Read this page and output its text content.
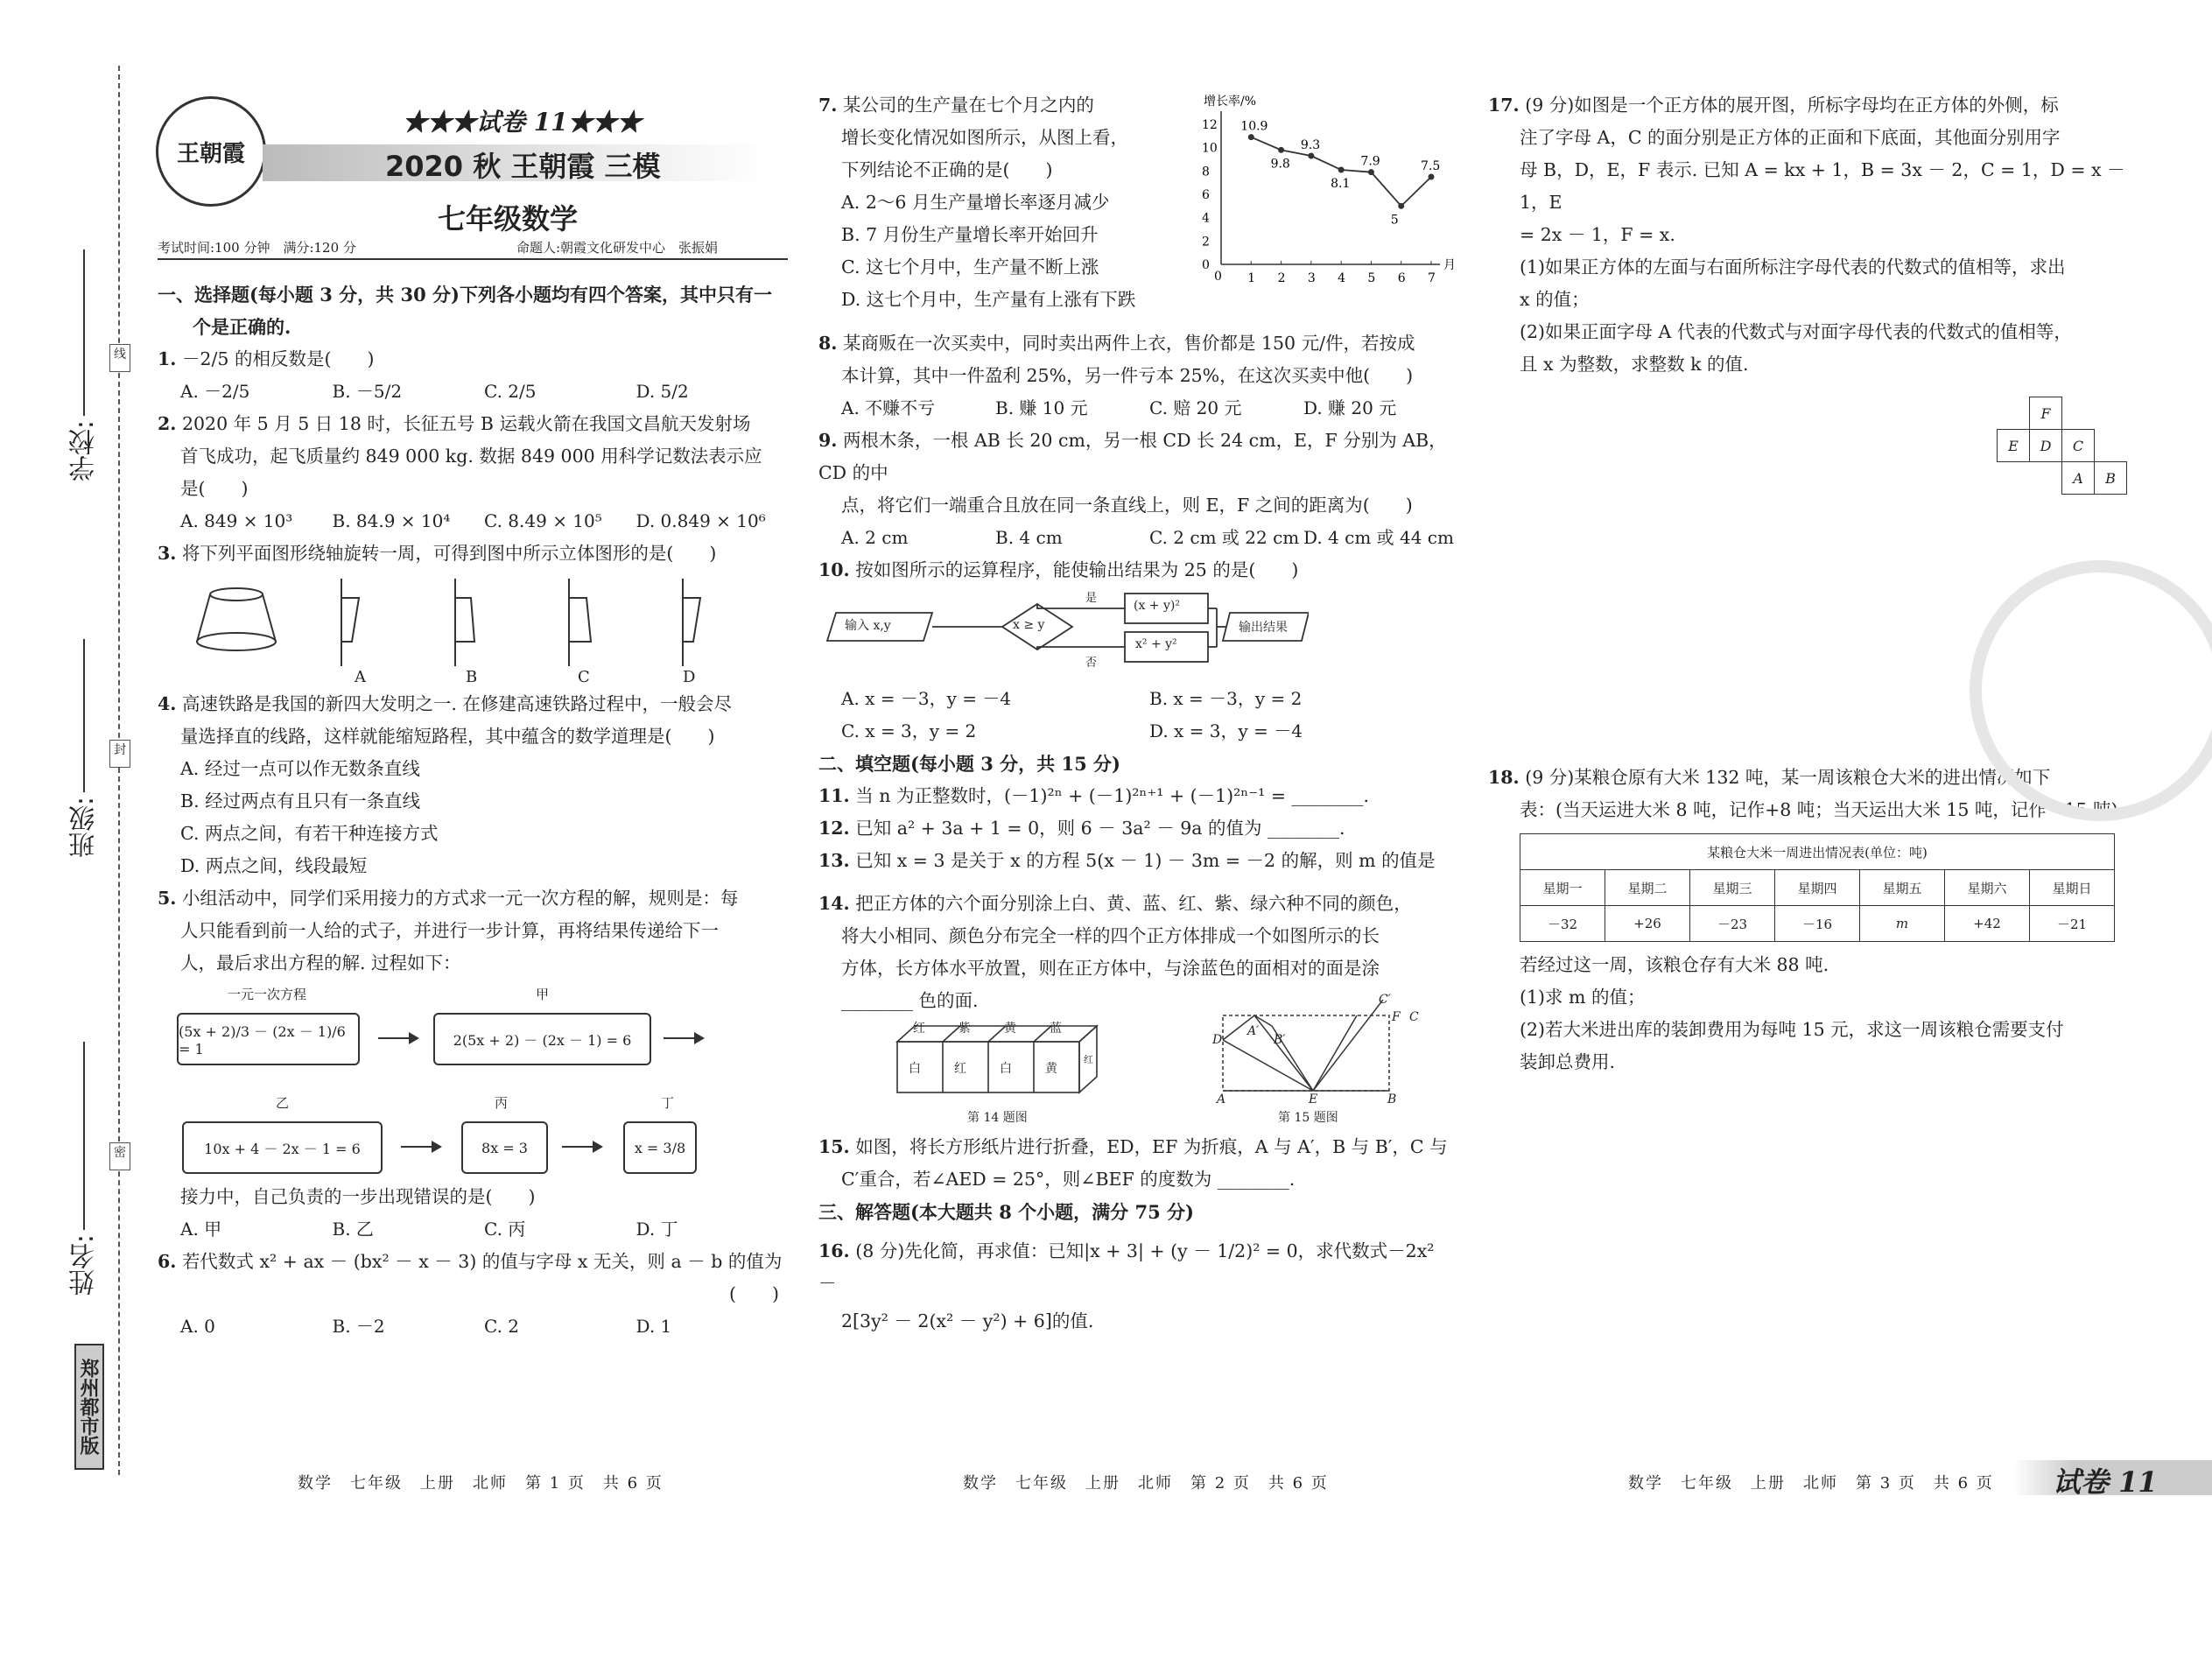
学校:
班级:
姓名:
线
封
密
郑州都市版
王朝霞
★★★试卷 11★★★
2020 秋 王朝霞 三模
七年级数学
考试时间:100 分钟　满分:120 分	命题人:朝霞文化研发中心　张振娟
一、选择题(每小题 3 分，共 30 分)下列各小题均有四个答案，其中只有一
个是正确的.
1. －2/5 的相反数是(　　)
A. －2/5	B. －5/2	C. 2/5	D. 5/2
2. 2020 年 5 月 5 日 18 时，长征五号 B 运载火箭在我国文昌航天发射场
首飞成功，起飞质量约 849 000 kg. 数据 849 000 用科学记数法表示应
是(　　)
A. 849 × 10³	B. 84.9 × 10⁴	C. 8.49 × 10⁵	D. 0.849 × 10⁶
3. 将下列平面图形绕轴旋转一周，可得到图中所示立体图形的是(　　)
A	B	C	D
4. 高速铁路是我国的新四大发明之一. 在修建高速铁路过程中，一般会尽
量选择直的线路，这样就能缩短路程，其中蕴含的数学道理是(　　)
A. 经过一点可以作无数条直线
B. 经过两点有且只有一条直线
C. 两点之间，有若干种连接方式
D. 两点之间，线段最短
5. 小组活动中，同学们采用接力的方式求一元一次方程的解，规则是：每
人只能看到前一人给的式子，并进行一步计算，再将结果传递给下一
人，最后求出方程的解. 过程如下：
一元一次方程	甲
(5x + 2)/3 － (2x － 1)/6 = 1
2(5x + 2) － (2x － 1) = 6
乙	丙	丁
10x + 4 － 2x － 1 = 6	8x = 3	x = 3/8
接力中，自己负责的一步出现错误的是(　　)
A. 甲	B. 乙	C. 丙	D. 丁
6. 若代数式 x² + ax － (bx² － x － 3) 的值与字母 x 无关，则 a － b 的值为
(　　)
A. 0	B. －2	C. 2	D. 1
7. 某公司的生产量在七个月之内的
增长变化情况如图所示，从图上看，
下列结论不正确的是(　　)
A. 2～6 月生产量增长率逐月减少
B. 7 月份生产量增长率开始回升
C. 这七个月中，生产量不断上涨
D. 这七个月中，生产量有上涨有下跌
增长率/%
月
0
2
4
6
8
10
12
0 1 2 3 4 5 6 7
10.9
9.8
9.3
8.1
7.9
5
7.5
8. 某商贩在一次买卖中，同时卖出两件上衣，售价都是 150 元/件，若按成
本计算，其中一件盈利 25%，另一件亏本 25%，在这次买卖中他(　　)
A. 不赚不亏	B. 赚 10 元	C. 赔 20 元	D. 赚 20 元
9. 两根木条，一根 AB 长 20 cm，另一根 CD 长 24 cm，E，F 分别为 AB，CD 的中
点，将它们一端重合且放在同一条直线上，则 E，F 之间的距离为(　　)
A. 2 cm	B. 4 cm	C. 2 cm 或 22 cm D. 4 cm 或 44 cm
10. 按如图所示的运算程序，能使输出结果为 25 的是(　　)
输入 x,y	x ≥ y
(x + y)²
x² + y²
输出结果
是
否
A. x = －3，y = －4	B. x = －3，y = 2
C. x = 3，y = 2	D. x = 3，y = －4
二、填空题(每小题 3 分，共 15 分)
11. 当 n 为正整数时，(－1)²ⁿ + (－1)²ⁿ⁺¹ + (－1)²ⁿ⁻¹ = ________.
12. 已知 a² + 3a + 1 = 0，则 6 － 3a² － 9a 的值为 ________.
13. 已知 x = 3 是关于 x 的方程 5(x － 1) － 3m = －2 的解，则 m 的值是
14. 把正方体的六个面分别涂上白、黄、蓝、红、紫、绿六种不同的颜色，
将大小相同、颜色分布完全一样的四个正方体排成一个如图所示的长
方体，长方体水平放置，则在正方体中，与涂蓝色的面相对的面是涂
________ 色的面.
红	紫	黄	蓝
白	红	白	黄
红
第 14 题图
C′
F C
D
A′
B′
A	E	B
第 15 题图
15. 如图，将长方形纸片进行折叠，ED，EF 为折痕，A 与 A′，B 与 B′，C 与
C′重合，若∠AED = 25°，则∠BEF 的度数为 ________.
三、解答题(本大题共 8 个小题，满分 75 分)
16. (8 分)先化简，再求值：已知|x + 3| + (y － 1/2)² = 0，求代数式－2x² －
2[3y² － 2(x² － y²) + 6]的值.
17. (9 分)如图是一个正方体的展开图，所标字母均在正方体的外侧，标
注了字母 A，C 的面分别是正方体的正面和下底面，其他面分别用字
母 B，D，E，F 表示. 已知 A = kx + 1，B = 3x － 2，C = 1，D = x － 1，E
= 2x － 1，F = x.
(1)如果正方体的左面与右面所标注字母代表的代数式的值相等，求出
x 的值；
(2)如果正面字母 A 代表的代数式与对面字母代表的代数式的值相等，
且 x 为整数，求整数 k 的值.
		F		
	E	D	C	
			A	B
18. (9 分)某粮仓原有大米 132 吨，某一周该粮仓大米的进出情况如下
表：(当天运进大米 8 吨，记作+8 吨；当天运出大米 15 吨，记作－15 吨)
某粮仓大米一周进出情况表(单位：吨)						
星期一	星期二	星期三	星期四	星期五	星期六	星期日
－32	+26	－23	－16	m	+42	－21
若经过这一周，该粮仓存有大米 88 吨.
(1)求 m 的值；
(2)若大米进出库的装卸费用为每吨 15 元，求这一周该粮仓需要支付
装卸总费用.
数学　七年级　上册　北师　第 1 页　共 6 页	数学　七年级　上册　北师　第 2 页　共 6 页	数学　七年级　上册　北师　第 3 页　共 6 页 试卷 11
